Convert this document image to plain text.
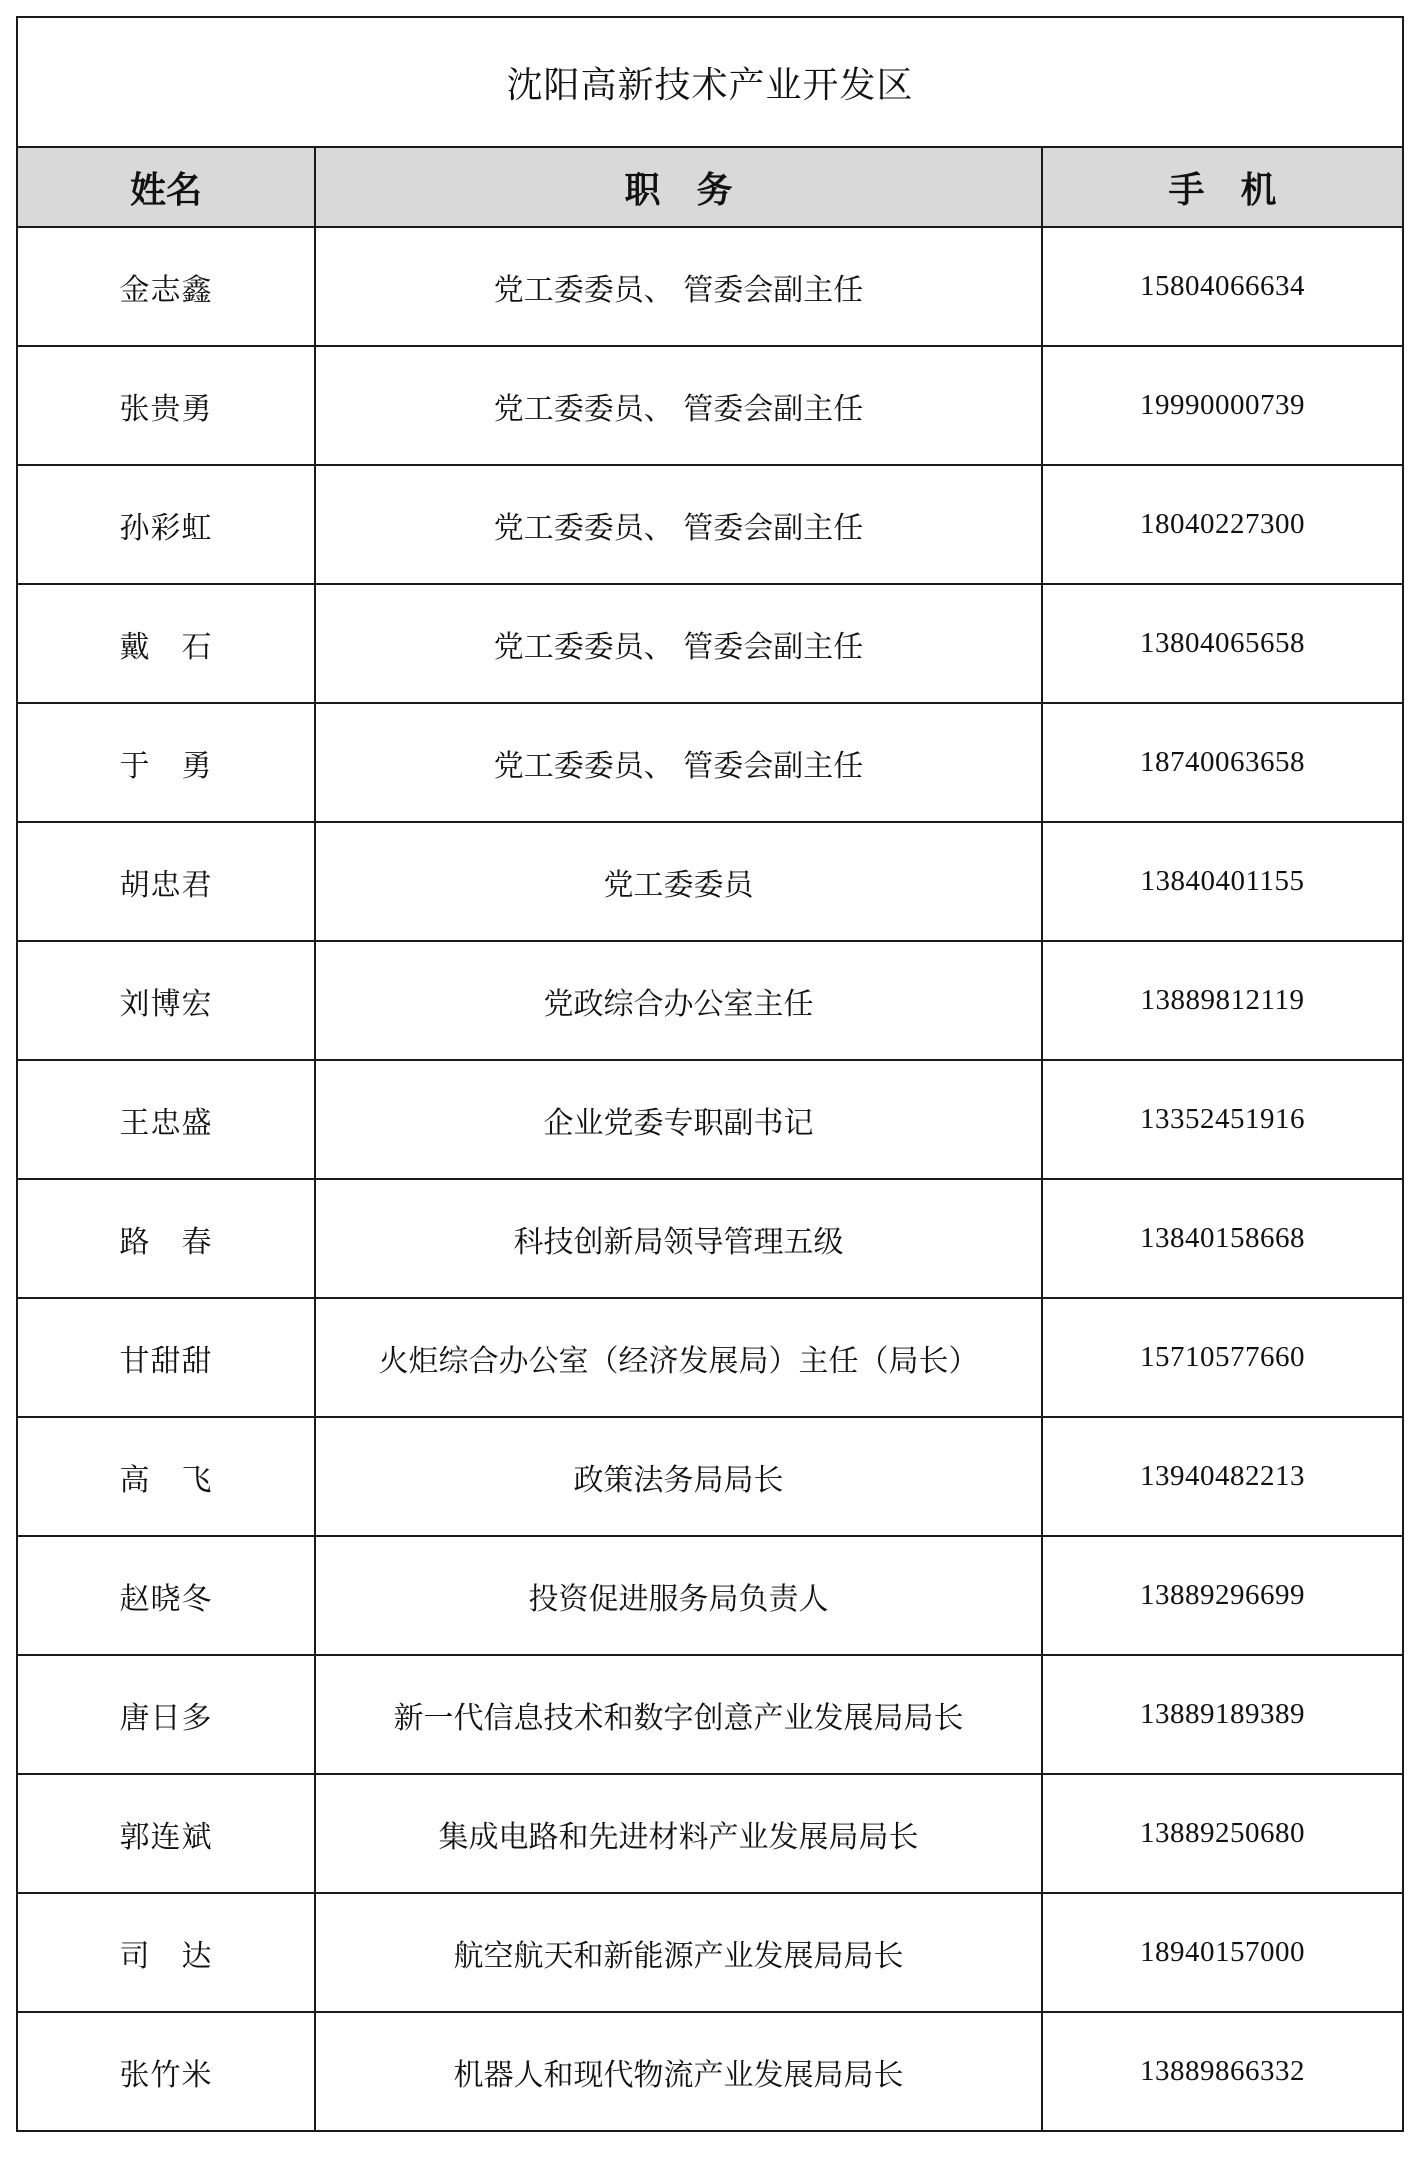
沈阳高新技术产业开发区		
姓名	职　务	手　机
金志鑫	党工委委员、 管委会副主任	15804066634
张贵勇	党工委委员、 管委会副主任	19990000739
孙彩虹	党工委委员、 管委会副主任	18040227300
戴　石	党工委委员、 管委会副主任	13804065658
于　勇	党工委委员、 管委会副主任	18740063658
胡忠君	党工委委员	13840401155
刘博宏	党政综合办公室主任	13889812119
王忠盛	企业党委专职副书记	13352451916
路　春	科技创新局领导管理五级	13840158668
甘甜甜	火炬综合办公室（经济发展局）主任（局长）	15710577660
高　飞	政策法务局局长	13940482213
赵晓冬	投资促进服务局负责人	13889296699
唐日多	新一代信息技术和数字创意产业发展局局长	13889189389
郭连斌	集成电路和先进材料产业发展局局长	13889250680
司　达	航空航天和新能源产业发展局局长	18940157000
张竹米	机器人和现代物流产业发展局局长	13889866332
